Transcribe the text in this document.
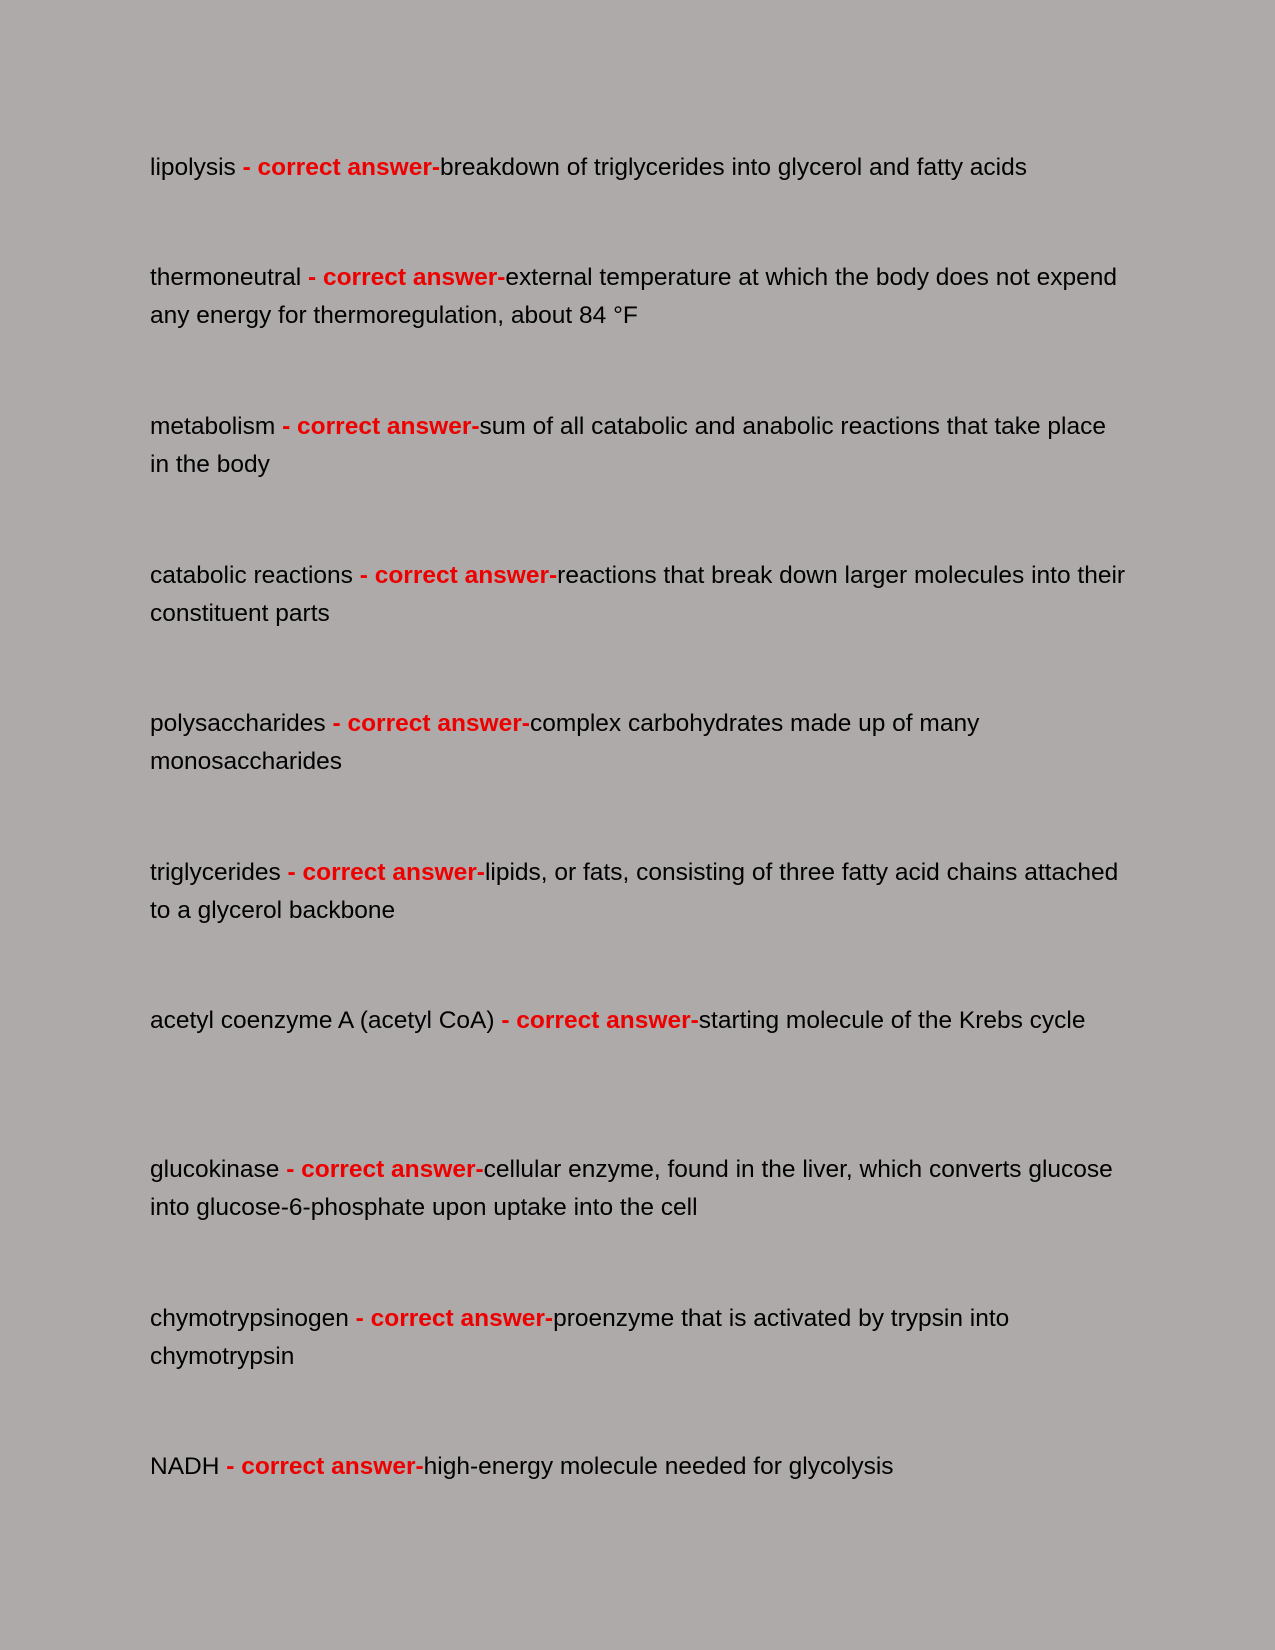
lipolysis - correct answer-breakdown of triglycerides into glycerol and fatty acids

thermoneutral - correct answer-external temperature at which the body does not expend any energy for thermoregulation, about 84 °F

metabolism - correct answer-sum of all catabolic and anabolic reactions that take place in the body

catabolic reactions - correct answer-reactions that break down larger molecules into their constituent parts

polysaccharides - correct answer-complex carbohydrates made up of many monosaccharides

triglycerides - correct answer-lipids, or fats, consisting of three fatty acid chains attached to a glycerol backbone

acetyl coenzyme A (acetyl CoA) - correct answer-starting molecule of the Krebs cycle

glucokinase - correct answer-cellular enzyme, found in the liver, which converts glucose into glucose-6-phosphate upon uptake into the cell

chymotrypsinogen - correct answer-proenzyme that is activated by trypsin into chymotrypsin

NADH - correct answer-high-energy molecule needed for glycolysis
